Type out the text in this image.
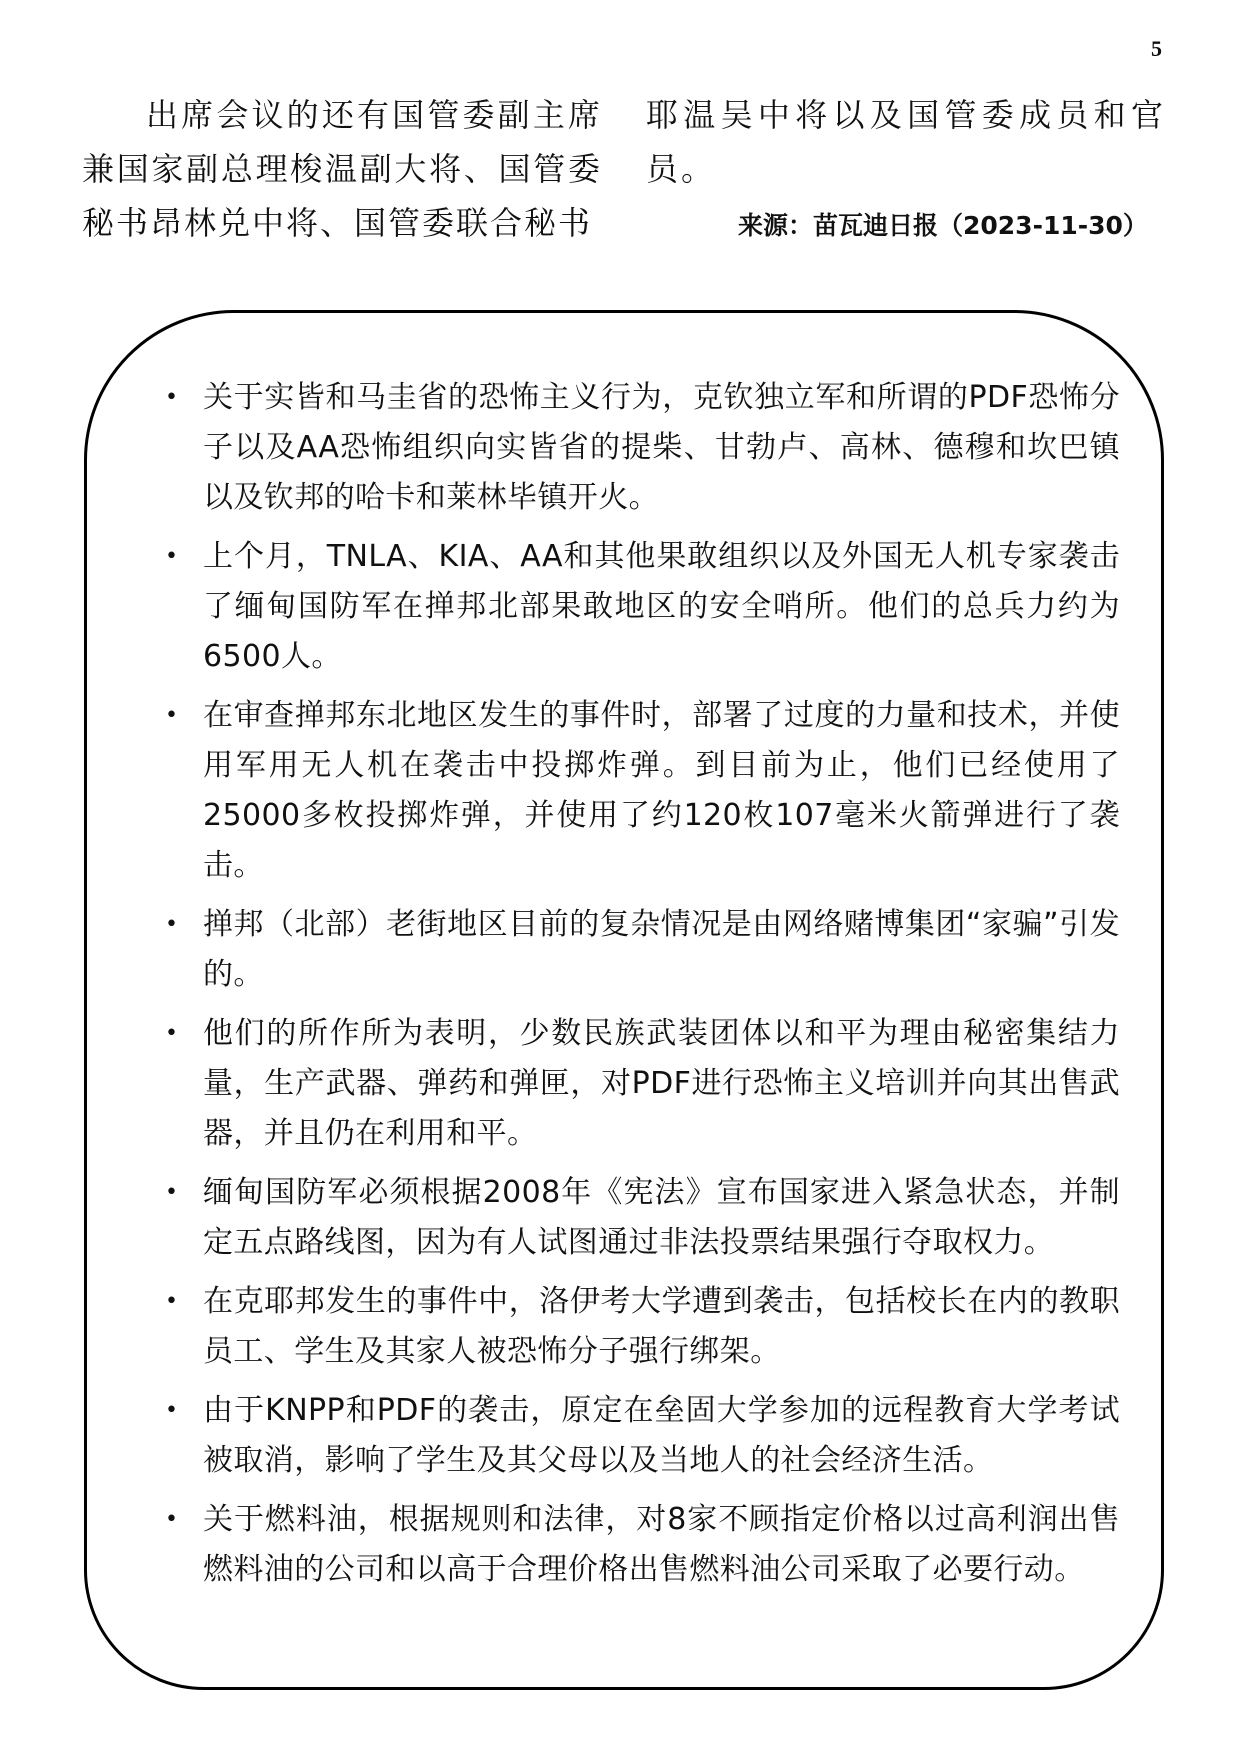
5
出席会议的还有国管委副主席兼国家副总理梭温副大将、国管委秘书昂林兑中将、国管委联合秘书
耶温吴中将以及国管委成员和官员。
来源：苗瓦迪日报（2023-11-30）
• 关于实皆和马圭省的恐怖主义行为，克钦独立军和所谓的PDF恐怖分子以及AA恐怖组织向实皆省的提柴、甘勃卢、高林、德穆和坎巴镇以及钦邦的哈卡和莱林毕镇开火。
• 上个月，TNLA、KIA、AA和其他果敢组织以及外国无人机专家袭击了缅甸国防军在掸邦北部果敢地区的安全哨所。他们的总兵力约为6500人。
• 在审查掸邦东北地区发生的事件时，部署了过度的力量和技术，并使用军用无人机在袭击中投掷炸弹。到目前为止，他们已经使用了25000多枚投掷炸弹，并使用了约120枚107毫米火箭弹进行了袭击。
• 掸邦（北部）老街地区目前的复杂情况是由网络赌博集团“家骗”引发的。
• 他们的所作所为表明，少数民族武装团体以和平为理由秘密集结力量，生产武器、弹药和弹匣，对PDF进行恐怖主义培训并向其出售武器，并且仍在利用和平。
• 缅甸国防军必须根据2008年《宪法》宣布国家进入紧急状态，并制定五点路线图，因为有人试图通过非法投票结果强行夺取权力。
• 在克耶邦发生的事件中，洛伊考大学遭到袭击，包括校长在内的教职员工、学生及其家人被恐怖分子强行绑架。
• 由于KNPP和PDF的袭击，原定在垒固大学参加的远程教育大学考试被取消，影响了学生及其父母以及当地人的社会经济生活。
• 关于燃料油，根据规则和法律，对8家不顾指定价格以过高利润出售燃料油的公司和以高于合理价格出售燃料油公司采取了必要行动。
